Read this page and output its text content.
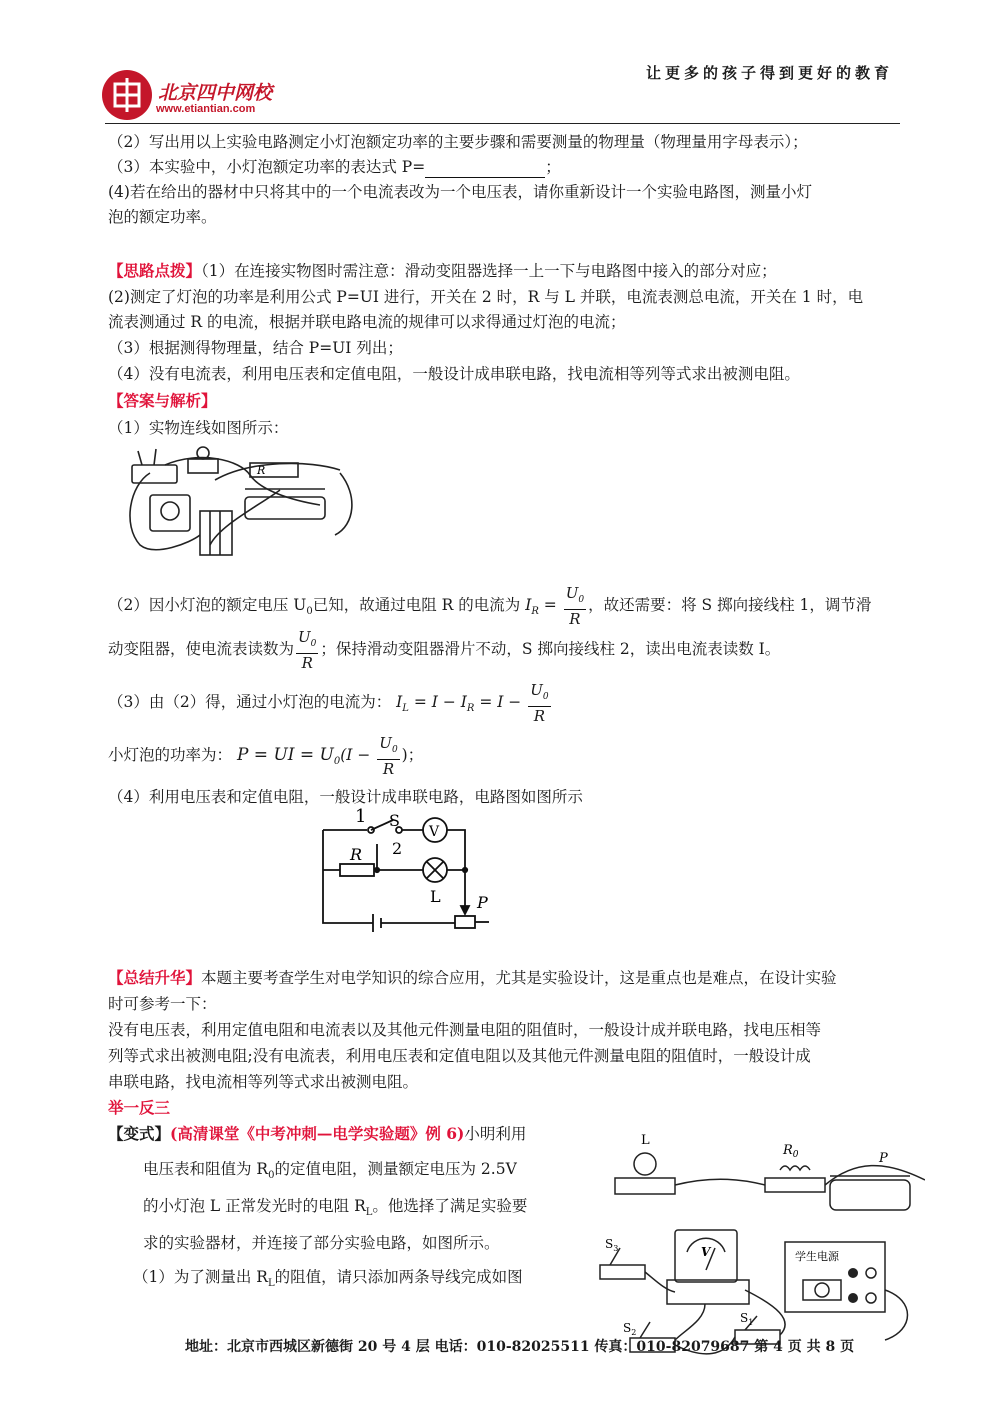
北京四中网校
www.etiantian.com
让更多的孩子得到更好的教育
（2）写出用以上实验电路测定小灯泡额定功率的主要步骤和需要测量的物理量（物理量用字母表示）；
（3）本实验中，小灯泡额定功率的表达式 P=	；
(4)若在给出的器材中只将其中的一个电流表改为一个电压表，请你重新设计一个实验电路图，测量小灯
泡的额定功率。
【思路点拨】（1）在连接实物图时需注意：滑动变阻器选择一上一下与电路图中接入的部分对应；
(2)测定了灯泡的功率是利用公式 P=UI 进行，开关在 2 时，R 与 L 并联，电流表测总电流，开关在 1 时，电
流表测通过 R 的电流，根据并联电路电流的规律可以求得通过灯泡的电流；
（3）根据测得物理量，结合 P=UI 列出；
（4）没有电流表，利用电压表和定值电阻，一般设计成串联电路，找电流相等列等式求出被测电阻。
【答案与解析】
（1）实物连线如图所示：
R
（2）因小灯泡的额定电压 $U_0$已知，故通过电阻 R 的电流为 $I_R = \frac{U_0}{R}$ ，故还需要：将 S 掷向接线柱 1，调节滑
动变阻器，使电流表读数为 $\frac{U_0}{R}$ ；保持滑动变阻器滑片不动，S 掷向接线柱 2，读出电流表读数 I。
（3）由（2）得，通过小灯泡的电流为： $I_L = I - I_R = I - \frac{U_0}{R}$
小灯泡的功率为： P = UI = $U_0(I - \frac{U_0}{R}$ )；
（4）利用电压表和定值电阻，一般设计成串联电路，电路图如图所示
1 S
2
V
R
L P
【总结升华】本题主要考查学生对电学知识的综合应用，尤其是实验设计，这是重点也是难点，在设计实验
时可参考一下：
没有电压表，利用定值电阻和电流表以及其他元件测量电阻的阻值时，一般设计成并联电路，找电压相等
列等式求出被测电阻;没有电流表，利用电压表和定值电阻以及其他元件测量电阻的阻值时，一般设计成
串联电路，找电流相等列等式求出被测电阻。
举一反三
【变式】(高清课堂《中考冲刺—电学实验题》例 6)小明利用
电压表和阻值为 $R_0$的定值电阻，测量额定电压为 2.5V
的小灯泡 L 正常发光时的电阻 $R_L$。他选择了满足实验要
求的实验器材，并连接了部分实验电路，如图所示。
（1）为了测量出 $R_L$的阻值，请只添加两条导线完成如图
L
$R_0$	P
$S_3$
$S_2$
$S_1$
V	学生电源
地址：北京市西城区新德街 20 号 4 层 电话：010-82025511 传真：010-82079687 第 4 页 共 8 页
